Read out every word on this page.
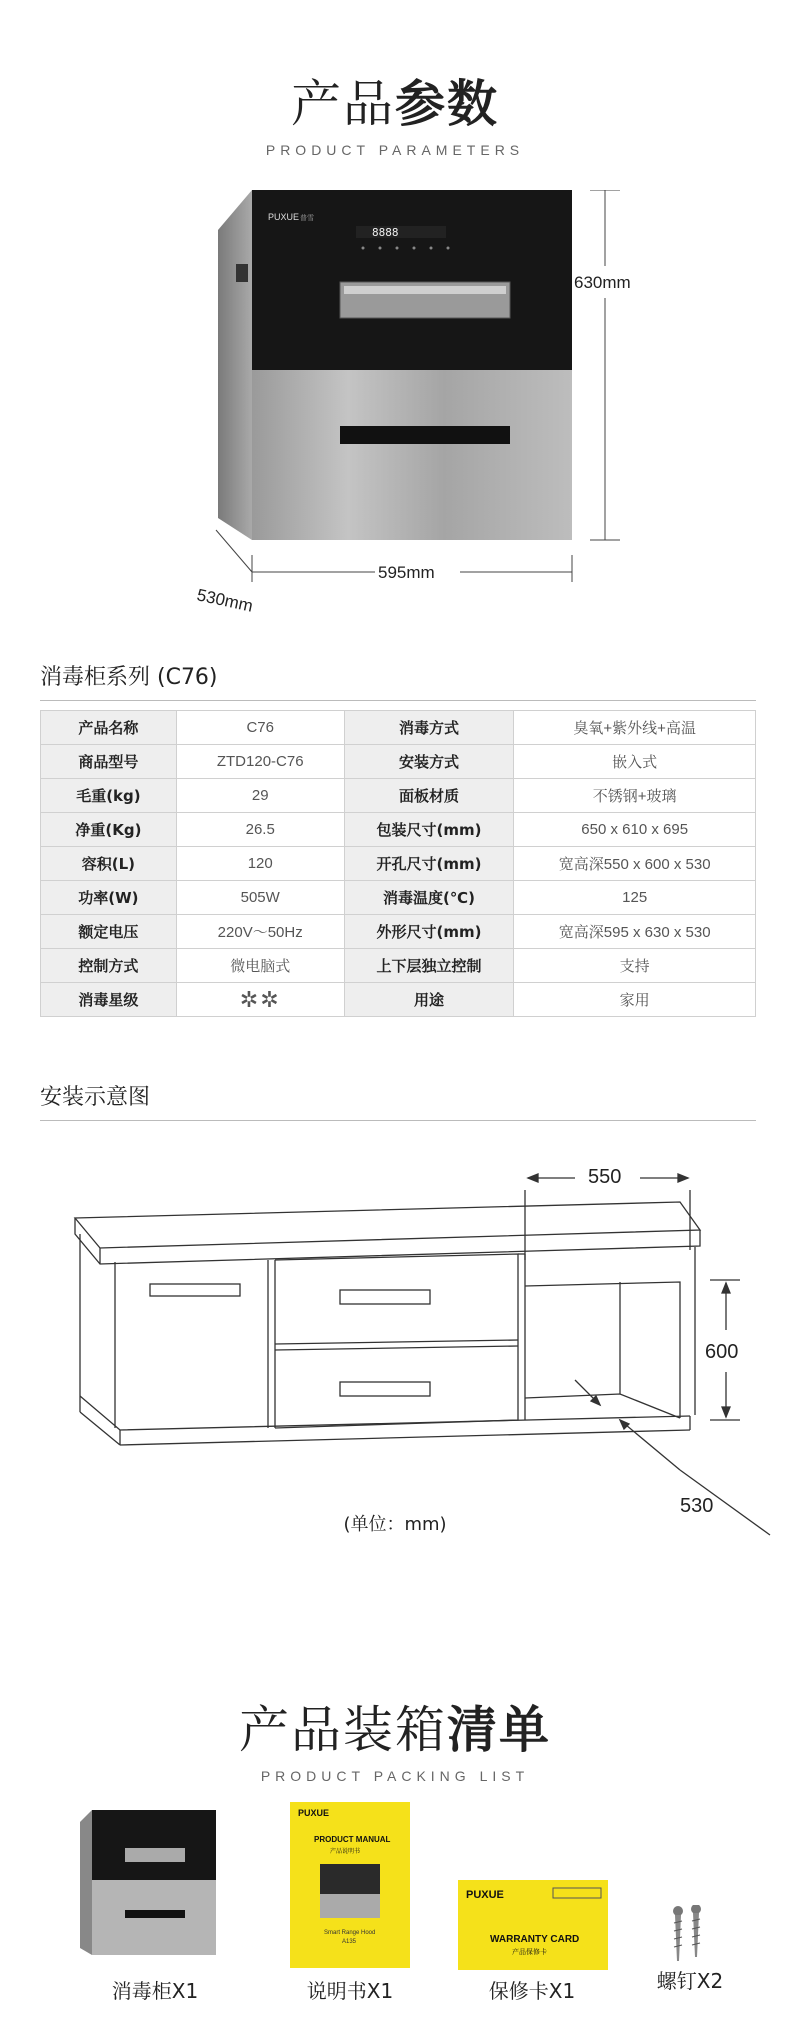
产品参数
PRODUCT PARAMETERS
PUXUE 普雪
8888
630mm
595mm
530mm
消毒柜系列 (C76)
产品名称	C76	消毒方式	臭氧+紫外线+高温
商品型号	ZTD120-C76	安装方式	嵌入式
毛重(kg)	29	面板材质	不锈钢+玻璃
净重(Kg)	26.5	包装尺寸(mm)	650 x 610 x 695
容积(L)	120	开孔尺寸(mm)	宽高深550 x 600 x 530
功率(W)	505W	消毒温度(℃)	125
额定电压	220V～50Hz	外形尺寸(mm)	宽高深595 x 630 x 530
控制方式	微电脑式	上下层独立控制	支持
消毒星级	✲✲	用途	家用
安装示意图
550
600
530
(单位：mm)
产品装箱清单
PRODUCT PACKING LIST
PUXUE
PRODUCT MANUAL
产品说明书
Smart Range Hood
A135
PUXUE
WARRANTY CARD
产品保修卡
消毒柜X1	说明书X1	保修卡X1	螺钉X2
